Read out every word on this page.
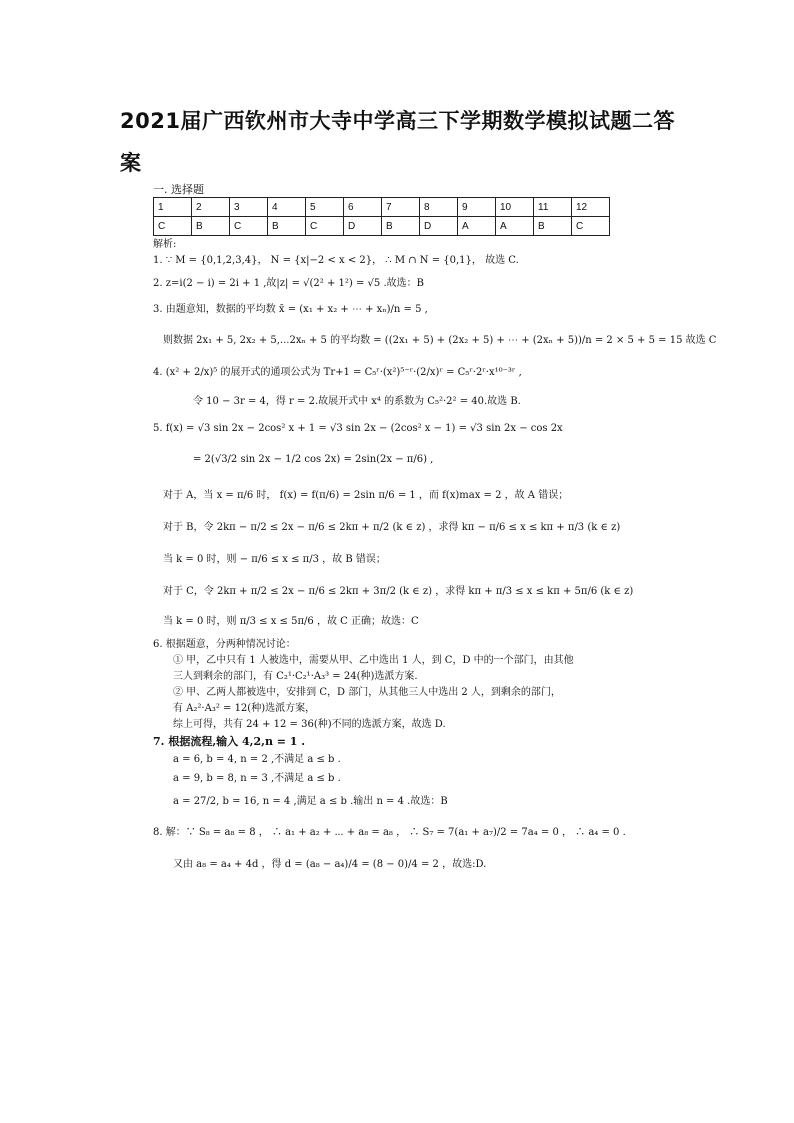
2021届广西钦州市大寺中学高三下学期数学模拟试题二答案
一. 选择题
1	2	3	4	5	6	7	8	9	10	11	12
C	B	C	B	C	D	B	D	A	A	B	C
解析:
1. ∵ M = {0,1,2,3,4}， N = {x|−2 < x < 2}， ∴ M ∩ N = {0,1}， 故选 C.
2. z=i(2 − i) = 2i + 1 ,故|z| = √(2² + 1²) = √5 .故选：B
3. 由题意知，数据的平均数 x̄ = (x₁ + x₂ + ⋯ + xₙ)/n = 5 ,
则数据 2x₁ + 5, 2x₂ + 5,...2xₙ + 5 的平均数 = ((2x₁ + 5) + (2x₂ + 5) + ⋯ + (2xₙ + 5))/n = 2 × 5 + 5 = 15 故选 C
4. (x² + 2/x)⁵ 的展开式的通项公式为 Tr+1 = C₅ʳ·(x²)⁵⁻ʳ·(2/x)ʳ = C₅ʳ·2ʳ·x¹⁰⁻³ʳ ,
令 10 − 3r = 4，得 r = 2.故展开式中 x⁴ 的系数为 C₅²·2² = 40.故选 B.
5. f(x) = √3 sin 2x − 2cos² x + 1 = √3 sin 2x − (2cos² x − 1) = √3 sin 2x − cos 2x
= 2(√3/2 sin 2x − 1/2 cos 2x) = 2sin(2x − π/6) ,
对于 A，当 x = π/6 时， f(x) = f(π/6) = 2sin π/6 = 1 ，而 f(x)max = 2 ，故 A 错误；
对于 B，令 2kπ − π/2 ≤ 2x − π/6 ≤ 2kπ + π/2 (k ∈ z) ，求得 kπ − π/6 ≤ x ≤ kπ + π/3 (k ∈ z)
当 k = 0 时，则 − π/6 ≤ x ≤ π/3 ，故 B 错误；
对于 C，令 2kπ + π/2 ≤ 2x − π/6 ≤ 2kπ + 3π/2 (k ∈ z) ，求得 kπ + π/3 ≤ x ≤ kπ + 5π/6 (k ∈ z)
当 k = 0 时，则 π/3 ≤ x ≤ 5π/6 ，故 C 正确；故选：C
6. 根据题意，分两种情况讨论：
① 甲，乙中只有 1 人被选中，需要从甲、乙中选出 1 人，到 C，D 中的一个部门，由其他
三人到剩余的部门，有 C₂¹·C₂¹·A₃³ = 24(种)选派方案.
② 甲、乙两人都被选中，安排到 C，D 部门，从其他三人中选出 2 人，到剩余的部门，
有 A₂²·A₃² = 12(种)选派方案，
综上可得，共有 24 + 12 = 36(种)不同的选派方案，故选 D.
7. 根据流程,输入 4,2,n = 1 .
a = 6, b = 4, n = 2 ,不满足 a ≤ b .
a = 9, b = 8, n = 3 ,不满足 a ≤ b .
a = 27/2, b = 16, n = 4 ,满足 a ≤ b .输出 n = 4 .故选：B
8. 解：∵ S₈ = a₈ = 8 ， ∴ a₁ + a₂ + ⋯ + a₈ = a₈ ， ∴ S₇ = 7(a₁ + a₇)/2 = 7a₄ = 0 ， ∴ a₄ = 0 .
又由 a₈ = a₄ + 4d ，得 d = (a₈ − a₄)/4 = (8 − 0)/4 = 2 ，故选:D.
